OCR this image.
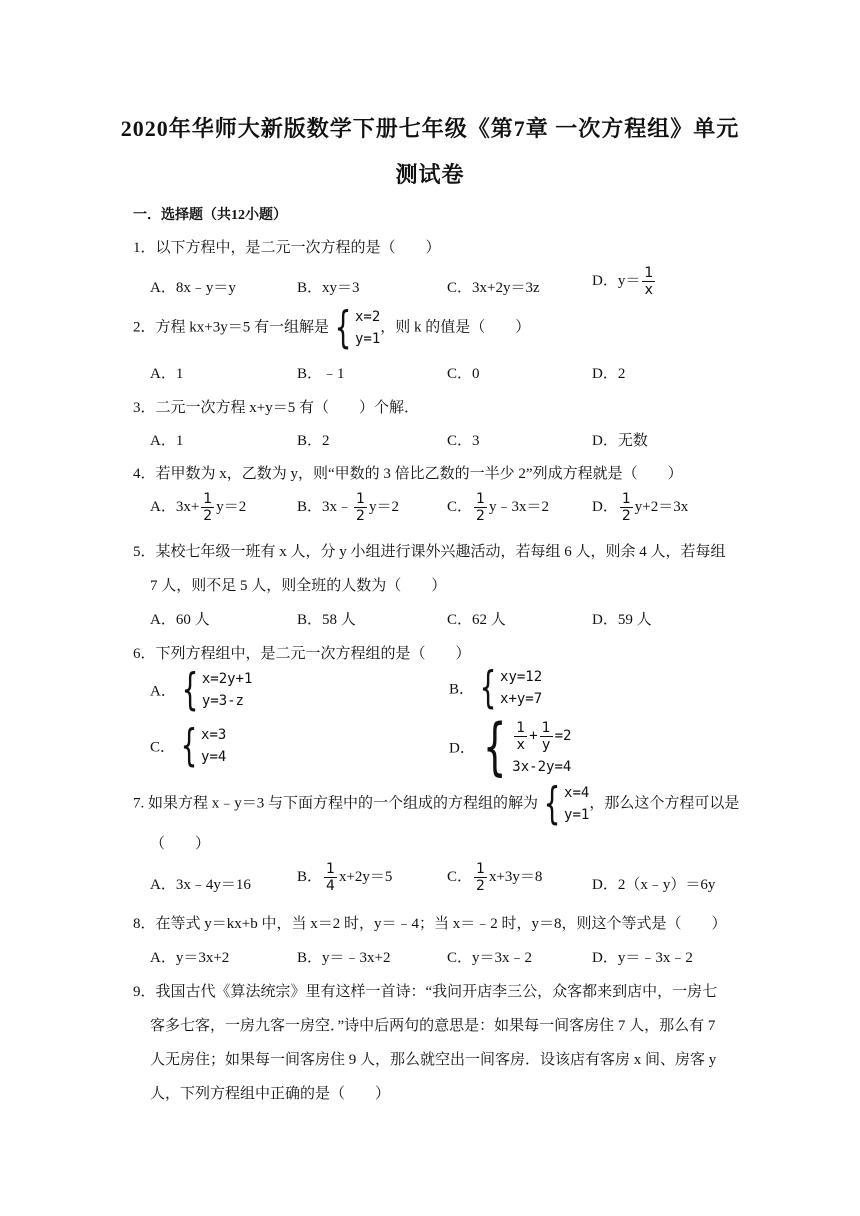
2020年华师大新版数学下册七年级《第7章 一次方程组》单元
测试卷
一．选择题（共12小题）
1．以下方程中，是二元一次方程的是（　　）
A．8x﹣y＝y	B．xy＝3	C．3x+2y＝3z	D．$y= \frac{1}{x}$
2．方程 kx+3y＝5 有一组解是 { x=2
y=1
，则 k 的值是（　　）
A．1	B．﹣1	C．0	D．2
3．二元一次方程 x+y＝5 有（　　）个解．
A．1	B．2	C．3	D．无数
4．若甲数为 x，乙数为 y，则“甲数的 3 倍比乙数的一半少 2”列成方程就是（　　）
A．$3x+ \frac{1}{2} y=2$	B．3x﹣ $\frac{1}{2} y=2$	C． $\frac{1}{2}$ y﹣3x＝2	D． $\frac{1}{2} y+2=3x$
5．某校七年级一班有 x 人，分 y 小组进行课外兴趣活动，若每组 6 人，则余 4 人，若每组
7 人，则不足 5 人，则全班的人数为（　　）
A．60 人	B．58 人	C．62 人	D．59 人
6．下列方程组中，是二元一次方程组的是（　　）
A． { x=2y+1
y=3-z
B． { xy=12
x+y=7
C． { x=3
y=4
D． { $\frac{1}{x} + \frac{1}{y} =2$
3x-2y=4
7. 如果方程 x﹣y＝3 与下面方程中的一个组成的方程组的解为 { x=4
y=1
，那么这个方程可以是
（　　）
A．3x﹣4y＝16
B． $\frac{1}{4} x+2y=5$	C． $\frac{1}{2} x+3y=8$
D．2（x﹣y）＝6y
8．在等式 y＝kx+b 中，当 x＝2 时，y＝﹣4；当 x＝﹣2 时，y＝8，则这个等式是（　　）
A．y＝3x+2	B．y＝﹣3x+2	C．y＝3x﹣2	D．y＝﹣3x﹣2
9．我国古代《算法统宗》里有这样一首诗：“我问开店李三公，众客都来到店中，一房七
客多七客，一房九客一房空．”诗中后两句的意思是：如果每一间客房住 7 人，那么有 7
人无房住；如果每一间客房住 9 人，那么就空出一间客房．设该店有客房 x 间、房客 y
人，下列方程组中正确的是（　　）
